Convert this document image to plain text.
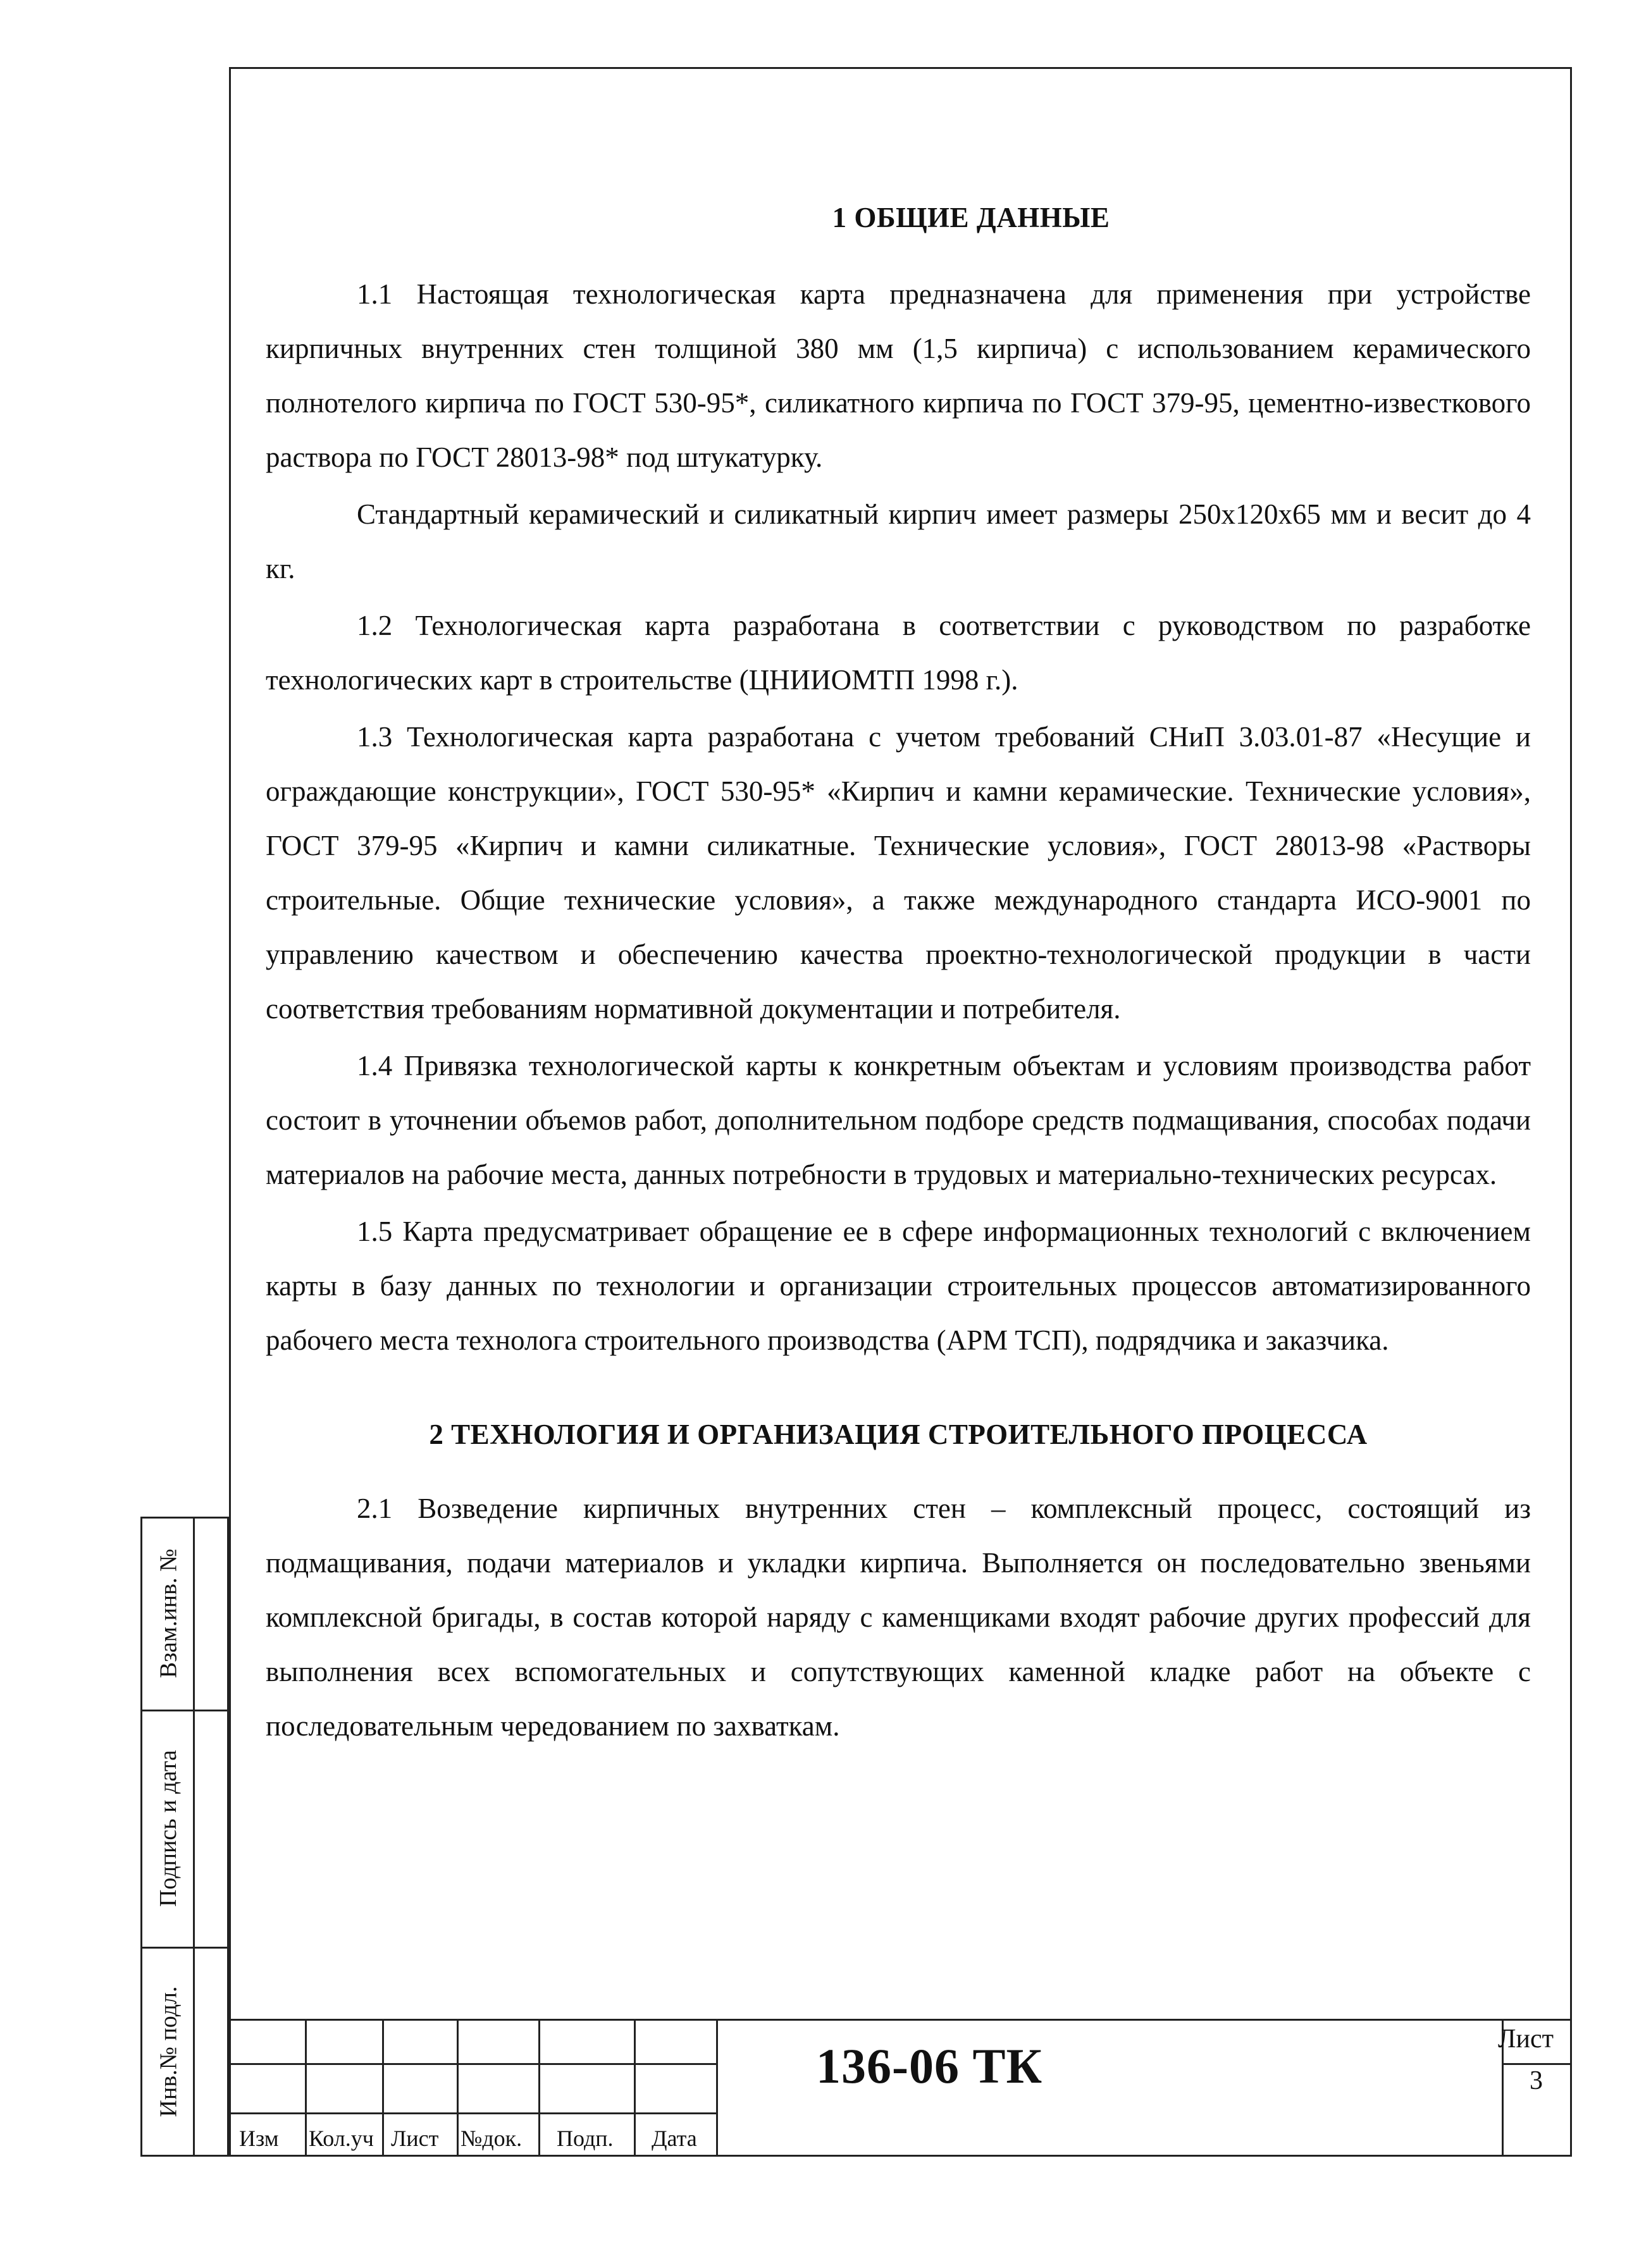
1 ОБЩИЕ ДАННЫЕ

1.1 Настоящая технологическая карта предназначена для применения при устройстве кирпичных внутренних стен толщиной 380 мм (1,5 кирпича) с использованием керамического полнотелого кирпича по ГОСТ 530-95*, силикатного кирпича по ГОСТ 379-95, цементно-известкового раствора по ГОСТ 28013-98* под штукатурку.

Стандартный керамический и силикатный кирпич имеет размеры 250х120х65 мм и весит до 4 кг.

1.2 Технологическая карта разработана в соответствии с руководством по разработке технологических карт в строительстве (ЦНИИОМТП 1998 г.).

1.3 Технологическая карта разработана с учетом требований СНиП 3.03.01-87 «Несущие и ограждающие конструкции», ГОСТ 530-95* «Кирпич и камни керамические. Технические условия», ГОСТ 379-95 «Кирпич и камни силикатные. Технические условия», ГОСТ 28013-98 «Растворы строительные. Общие технические условия», а также международного стандарта ИСО-9001 по управлению качеством и обеспечению качества проектно-технологической продукции в части соответствия требованиям нормативной документации и потребителя.

1.4 Привязка технологической карты к конкретным объектам и условиям производства работ состоит в уточнении объемов работ, дополнительном подборе средств подмащивания, способах подачи материалов на рабочие места, данных потребности в трудовых и материально-технических ресурсах.

1.5 Карта предусматривает обращение ее в сфере информационных технологий с включением карты в базу данных по технологии и организации строительных процессов автоматизированного рабочего места технолога строительного производства (АРМ ТСП), подрядчика и заказчика.

2 ТЕХНОЛОГИЯ И ОРГАНИЗАЦИЯ СТРОИТЕЛЬНОГО ПРОЦЕССА

2.1 Возведение кирпичных внутренних стен – комплексный процесс, состоящий из подмащивания, подачи материалов и укладки кирпича. Выполняется он последовательно звеньями комплексной бригады, в состав которой наряду с каменщиками входят рабочие других профессий для выполнения всех вспомогательных и сопутствующих каменной кладке работ на объекте с последовательным чередованием по захваткам.

Взам.инв. №
Подпись и дата
Инв.№ подл.
Изм Кол.уч Лист №док. Подп. Дата
136-06 ТК	Лист
3
